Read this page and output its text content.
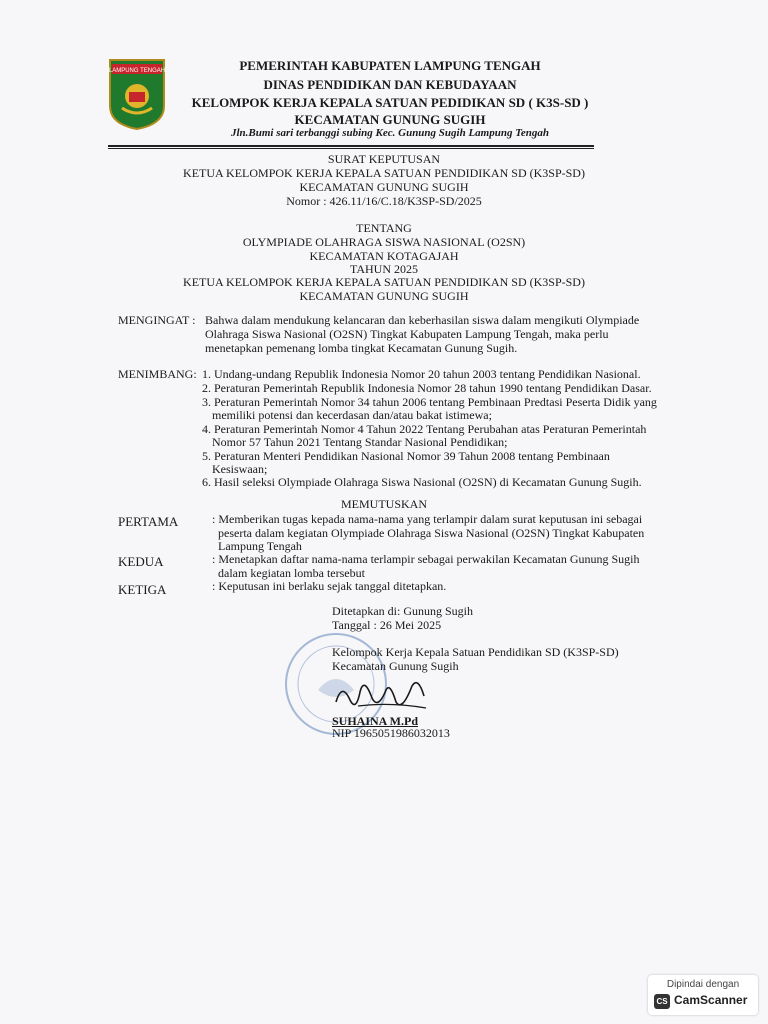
LAMPUNG TENGAH	PEMERINTAH KABUPATEN LAMPUNG TENGAH
DINAS PENDIDIKAN DAN KEBUDAYAAN
KELOMPOK KERJA KEPALA SATUAN PEDIDIKAN SD ( K3S-SD )
KECAMATAN GUNUNG SUGIH
Jln.Bumi sari terbanggi subing Kec. Gunung Sugih Lampung Tengah
SURAT KEPUTUSAN
KETUA KELOMPOK KERJA KEPALA SATUAN PENDIDIKAN SD (K3SP-SD)
KECAMATAN GUNUNG SUGIH
Nomor : 426.11/16/C.18/K3SP-SD/2025
TENTANG
OLYMPIADE OLAHRAGA SISWA NASIONAL (O2SN)
KECAMATAN KOTAGAJAH
TAHUN 2025
KETUA KELOMPOK KERJA KEPALA SATUAN PENDIDIKAN SD (K3SP-SD)
KECAMATAN GUNUNG SUGIH
MENGINGAT : Bahwa dalam mendukung kelancaran dan keberhasilan siswa dalam mengikuti Olympiade
Olahraga Siswa Nasional (O2SN) Tingkat Kabupaten Lampung Tengah, maka perlu
menetapkan pemenang lomba tingkat Kecamatan Gunung Sugih.
MENIMBANG: 1. Undang-undang Republik Indonesia Nomor 20 tahun 2003 tentang Pendidikan Nasional.
2. Peraturan Pemerintah Republik Indonesia Nomor 28 tahun 1990 tentang Pendidikan Dasar.
3. Peraturan Pemerintah Nomor 34 tahun 2006 tentang Pembinaan Predtasi Peserta Didik yang
memiliki potensi dan kecerdasan dan/atau bakat istimewa;
4. Peraturan Pemerintah Nomor 4 Tahun 2022 Tentang Perubahan atas Peraturan Pemerintah
Nomor 57 Tahun 2021 Tentang Standar Nasional Pendidikan;
5. Peraturan Menteri Pendidikan Nasional Nomor 39 Tahun 2008 tentang Pembinaan
Kesiswaan;
6. Hasil seleksi Olympiade Olahraga Siswa Nasional (O2SN) di Kecamatan Gunung Sugih.
MEMUTUSKAN
PERTAMA	: Memberikan tugas kepada nama-nama yang terlampir dalam surat keputusan ini sebagai
peserta dalam kegiatan Olympiade Olahraga Siswa Nasional (O2SN) Tingkat Kabupaten
Lampung Tengah
KEDUA	: Menetapkan daftar nama-nama terlampir sebagai perwakilan Kecamatan Gunung Sugih
dalam kegiatan lomba tersebut
KETIGA	: Keputusan ini berlaku sejak tanggal ditetapkan.
Ditetapkan di: Gunung Sugih
Tanggal : 26 Mei 2025
Kelompok Kerja Kepala Satuan Pendidikan SD (K3SP-SD)
Kecamatan Gunung Sugih
SUHAINA M.Pd
NIP 1965051986032013
Dipindai dengan
CS CamScanner
